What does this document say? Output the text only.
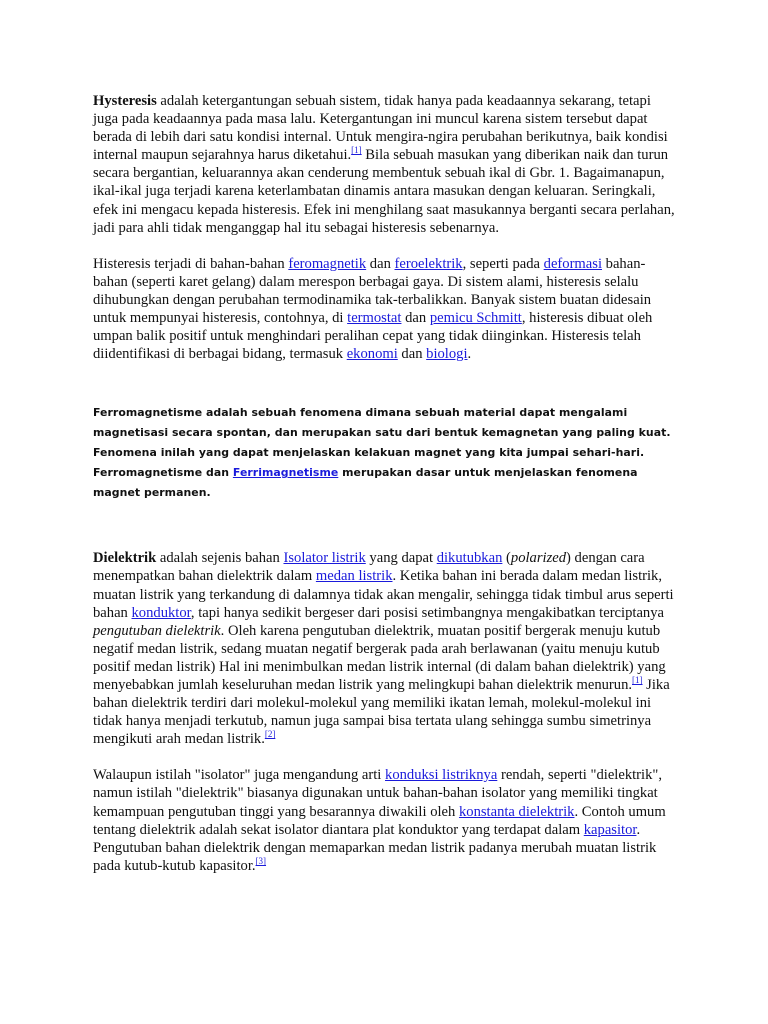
Hysteresis adalah ketergantungan sebuah sistem, tidak hanya pada keadaannya sekarang, tetapi juga pada keadaannya pada masa lalu. Ketergantungan ini muncul karena sistem tersebut dapat berada di lebih dari satu kondisi internal. Untuk mengira-ngira perubahan berikutnya, baik kondisi internal maupun sejarahnya harus diketahui.[1] Bila sebuah masukan yang diberikan naik dan turun secara bergantian, keluarannya akan cenderung membentuk sebuah ikal di Gbr. 1. Bagaimanapun, ikal-ikal juga terjadi karena keterlambatan dinamis antara masukan dengan keluaran. Seringkali, efek ini mengacu kepada histeresis. Efek ini menghilang saat masukannya berganti secara perlahan, jadi para ahli tidak menganggap hal itu sebagai histeresis sebenarnya.

Histeresis terjadi di bahan-bahan feromagnetik dan feroelektrik, seperti pada deformasi bahan-bahan (seperti karet gelang) dalam merespon berbagai gaya. Di sistem alami, histeresis selalu dihubungkan dengan perubahan termodinamika tak-terbalikkan. Banyak sistem buatan didesain untuk mempunyai histeresis, contohnya, di termostat dan pemicu Schmitt, histeresis dibuat oleh umpan balik positif untuk menghindari peralihan cepat yang tidak diinginkan. Histeresis telah diidentifikasi di berbagai bidang, termasuk ekonomi dan biologi.

Ferromagnetisme adalah sebuah fenomena dimana sebuah material dapat mengalami magnetisasi secara spontan, dan merupakan satu dari bentuk kemagnetan yang paling kuat. Fenomena inilah yang dapat menjelaskan kelakuan magnet yang kita jumpai sehari-hari. Ferromagnetisme dan Ferrimagnetisme merupakan dasar untuk menjelaskan fenomena magnet permanen.

Dielektrik adalah sejenis bahan Isolator listrik yang dapat dikutubkan (polarized) dengan cara menempatkan bahan dielektrik dalam medan listrik. Ketika bahan ini berada dalam medan listrik, muatan listrik yang terkandung di dalamnya tidak akan mengalir, sehingga tidak timbul arus seperti bahan konduktor, tapi hanya sedikit bergeser dari posisi setimbangnya mengakibatkan terciptanya pengutuban dielektrik. Oleh karena pengutuban dielektrik, muatan positif bergerak menuju kutub negatif medan listrik, sedang muatan negatif bergerak pada arah berlawanan (yaitu menuju kutub positif medan listrik) Hal ini menimbulkan medan listrik internal (di dalam bahan dielektrik) yang menyebabkan jumlah keseluruhan medan listrik yang melingkupi bahan dielektrik menurun.[1] Jika bahan dielektrik terdiri dari molekul-molekul yang memiliki ikatan lemah, molekul-molekul ini tidak hanya menjadi terkutub, namun juga sampai bisa tertata ulang sehingga sumbu simetrinya mengikuti arah medan listrik.[2]

Walaupun istilah "isolator" juga mengandung arti konduksi listriknya rendah, seperti "dielektrik", namun istilah "dielektrik" biasanya digunakan untuk bahan-bahan isolator yang memiliki tingkat kemampuan pengutuban tinggi yang besarannya diwakili oleh konstanta dielektrik. Contoh umum tentang dielektrik adalah sekat isolator diantara plat konduktor yang terdapat dalam kapasitor. Pengutuban bahan dielektrik dengan memaparkan medan listrik padanya merubah muatan listrik pada kutub-kutub kapasitor.[3]
